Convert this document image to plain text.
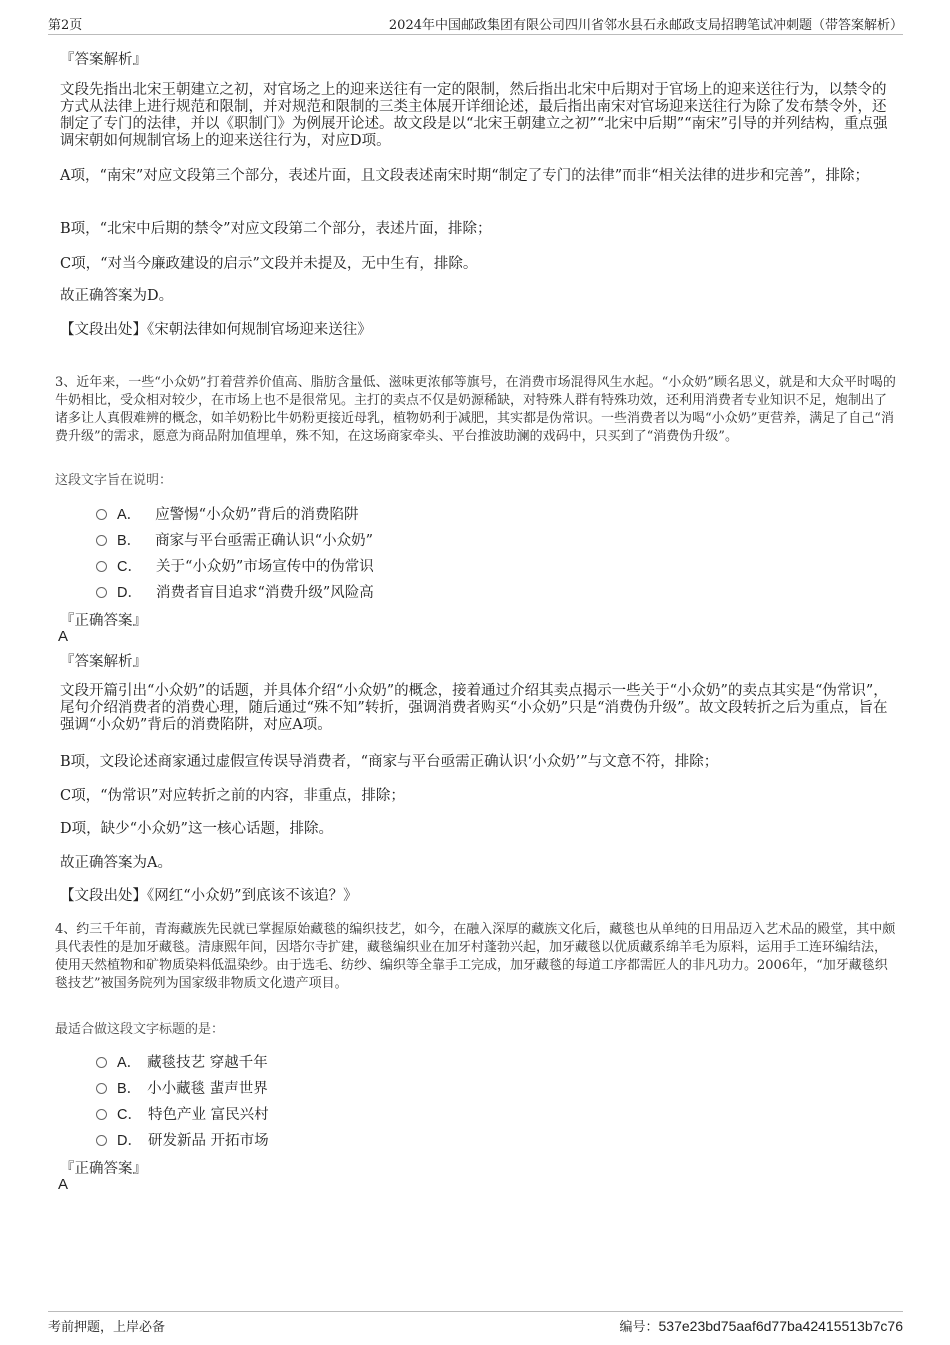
第2页	2024年中国邮政集团有限公司四川省邻水县石永邮政支局招聘笔试冲刺题（带答案解析）
『答案解析』
文段先指出北宋王朝建立之初，对官场之上的迎来送往有一定的限制，然后指出北宋中后期对于官场上的迎来送往行为，以禁令的方式从法律上进行规范和限制，并对规范和限制的三类主体展开详细论述，最后指出南宋对官场迎来送往行为除了发布禁令外，还制定了专门的法律，并以《职制门》为例展开论述。故文段是以“北宋王朝建立之初”“北宋中后期”“南宋”引导的并列结构，重点强调宋朝如何规制官场上的迎来送往行为，对应D项。
A项，“南宋”对应文段第三个部分，表述片面，且文段表述南宋时期“制定了专门的法律”而非“相关法律的进步和完善”，排除；
B项，“北宋中后期的禁令”对应文段第二个部分，表述片面，排除；
C项，“对当今廉政建设的启示”文段并未提及，无中生有，排除。
故正确答案为D。
【文段出处】《宋朝法律如何规制官场迎来送往》
3、近年来，一些“小众奶”打着营养价值高、脂肪含量低、滋味更浓郁等旗号，在消费市场混得风生水起。“小众奶”顾名思义，就是和大众平时喝的牛奶相比，受众相对较少，在市场上也不是很常见。主打的卖点不仅是奶源稀缺，对特殊人群有特殊功效，还利用消费者专业知识不足，炮制出了诸多让人真假难辨的概念，如羊奶粉比牛奶粉更接近母乳，植物奶利于减肥，其实都是伪常识。一些消费者以为喝“小众奶”更营养，满足了自己“消费升级”的需求，愿意为商品附加值埋单，殊不知，在这场商家牵头、平台推波助澜的戏码中，只买到了“消费伪升级”。
这段文字旨在说明：
A． 应警惕“小众奶”背后的消费陷阱
B． 商家与平台亟需正确认识“小众奶”
C． 关于“小众奶”市场宣传中的伪常识
D． 消费者盲目追求“消费升级”风险高
『正确答案』
A
『答案解析』
文段开篇引出“小众奶”的话题，并具体介绍“小众奶”的概念，接着通过介绍其卖点揭示一些关于“小众奶”的卖点其实是“伪常识”，尾句介绍消费者的消费心理，随后通过“殊不知”转折，强调消费者购买“小众奶”只是“消费伪升级”。故文段转折之后为重点，旨在强调“小众奶”背后的消费陷阱，对应A项。
B项，文段论述商家通过虚假宣传误导消费者，“商家与平台亟需正确认识‘小众奶’”与文意不符，排除；
C项，“伪常识”对应转折之前的内容，非重点，排除；
D项，缺少“小众奶”这一核心话题，排除。
故正确答案为A。
【文段出处】《网红“小众奶”到底该不该追？》
4、约三千年前，青海藏族先民就已掌握原始藏毯的编织技艺，如今，在融入深厚的藏族文化后，藏毯也从单纯的日用品迈入艺术品的殿堂，其中颇具代表性的是加牙藏毯。清康熙年间，因塔尔寺扩建，藏毯编织业在加牙村蓬勃兴起，加牙藏毯以优质藏系绵羊毛为原料，运用手工连环编结法，使用天然植物和矿物质染料低温染纱。由于选毛、纺纱、编织等全靠手工完成，加牙藏毯的每道工序都需匠人的非凡功力。2006年，“加牙藏毯织毯技艺”被国务院列为国家级非物质文化遗产项目。
最适合做这段文字标题的是：
A． 藏毯技艺 穿越千年
B． 小小藏毯 蜚声世界
C． 特色产业 富民兴村
D． 研发新品 开拓市场
『正确答案』
A
考前押题，上岸必备	编号：537e23bd75aaf6d77ba42415513b7c76
